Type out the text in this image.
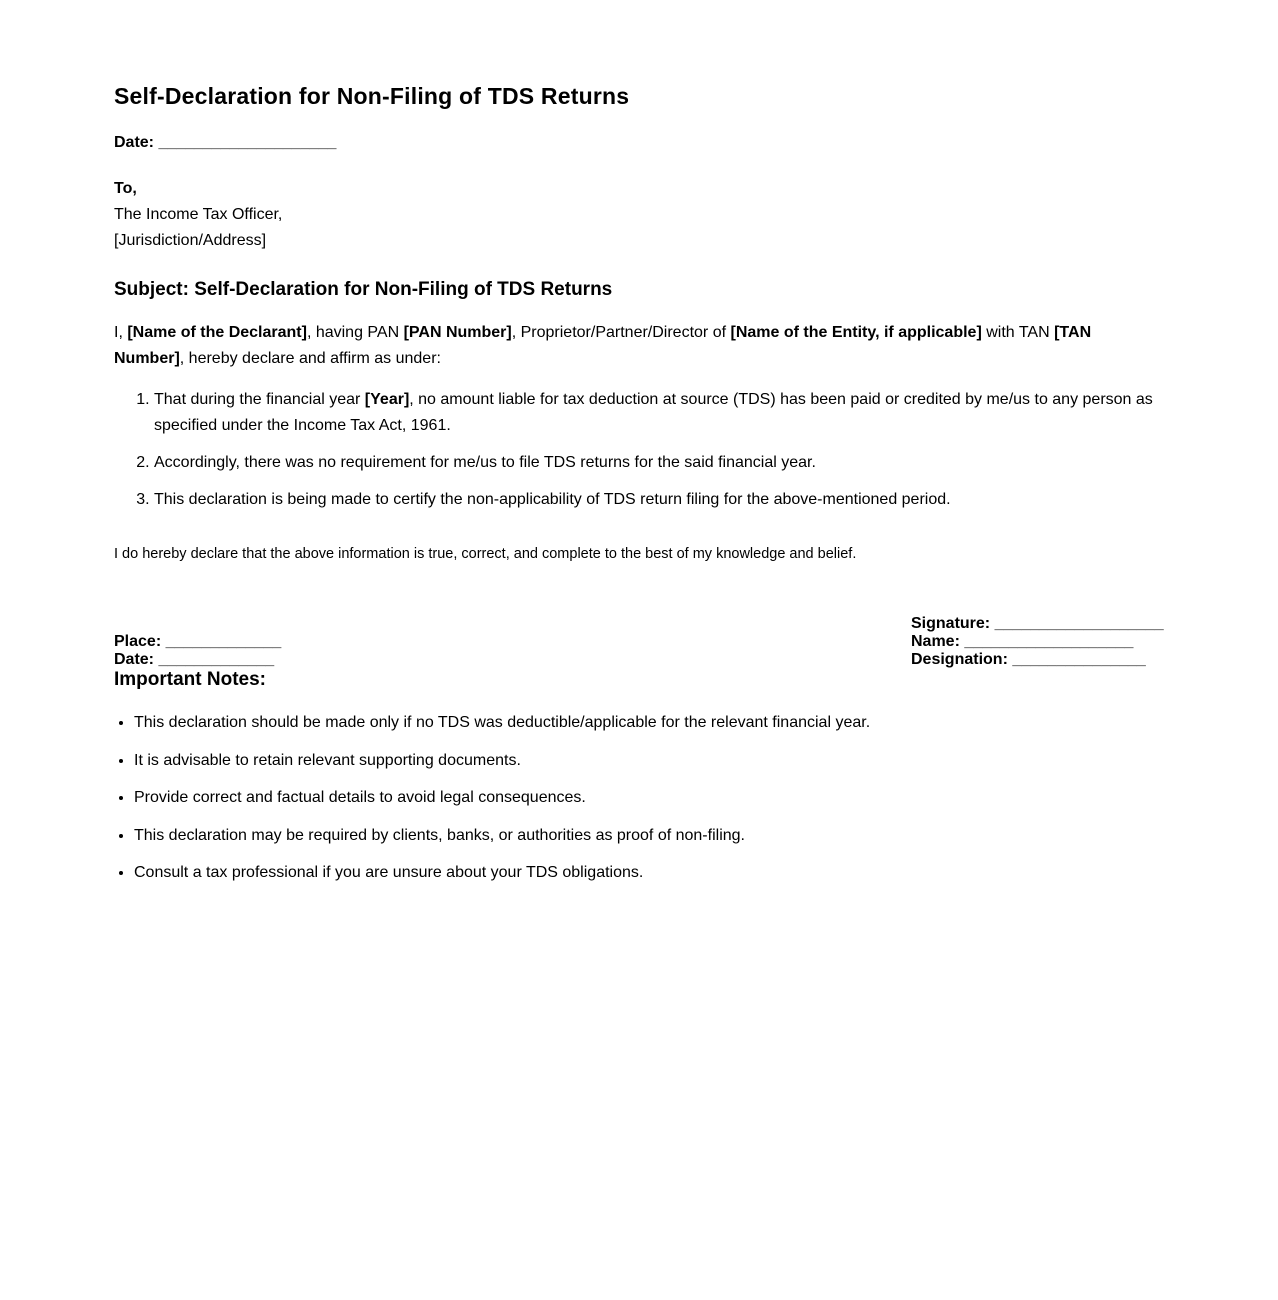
Self-Declaration for Non-Filing of TDS Returns
Date: ____________________
To,
The Income Tax Officer,
[Jurisdiction/Address]
Subject: Self-Declaration for Non-Filing of TDS Returns

I, [Name of the Declarant], having PAN [PAN Number], Proprietor/Partner/Director of [Name of the Entity, if applicable] with TAN [TAN Number], hereby declare and affirm as under:

1. That during the financial year [Year], no amount liable for tax deduction at source (TDS) has been paid or credited by me/us to any person as specified under the Income Tax Act, 1961.
2. Accordingly, there was no requirement for me/us to file TDS returns for the said financial year.
3. This declaration is being made to certify the non-applicability of TDS return filing for the above-mentioned period.

I do hereby declare that the above information is true, correct, and complete to the best of my knowledge and belief.

Place: _____________
Date: _____________
Signature: ___________________
Name: ___________________
Designation: _______________
Important Notes:
• This declaration should be made only if no TDS was deductible/applicable for the relevant financial year.
• It is advisable to retain relevant supporting documents.
• Provide correct and factual details to avoid legal consequences.
• This declaration may be required by clients, banks, or authorities as proof of non-filing.
• Consult a tax professional if you are unsure about your TDS obligations.
